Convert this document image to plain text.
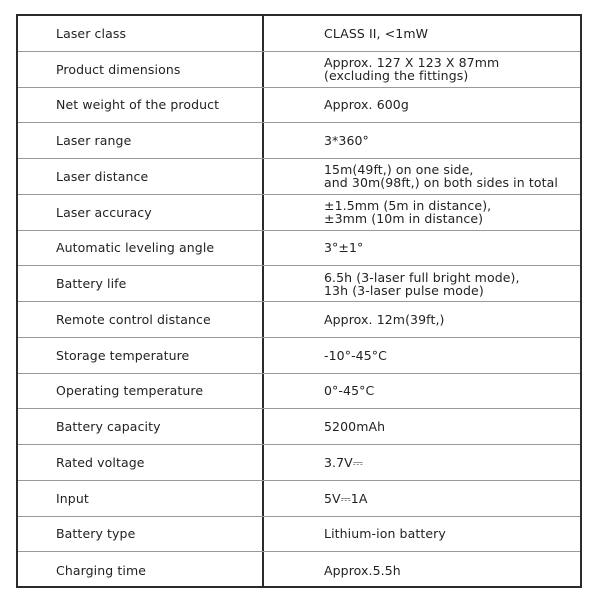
Laser class	CLASS II, <1mW
Product dimensions	Approx. 127 X 123 X 87mm
(excluding the fittings)
Net weight of the product	Approx. 600g
Laser range	3*360°
Laser distance	15m(49ft,) on one side,
and 30m(98ft,) on both sides in total
Laser accuracy	±1.5mm (5m in distance),
±3mm (10m in distance)
Automatic leveling angle	3°±1°
Battery life	6.5h (3-laser full bright mode),
13h (3-laser pulse mode)
Remote control distance	Approx. 12m(39ft,)
Storage temperature	-10°-45°C
Operating temperature	0°-45°C
Battery capacity	5200mAh
Rated voltage	3.7V⎓
Input	5V⎓1A
Battery type	Lithium-ion battery
Charging time	Approx.5.5h
